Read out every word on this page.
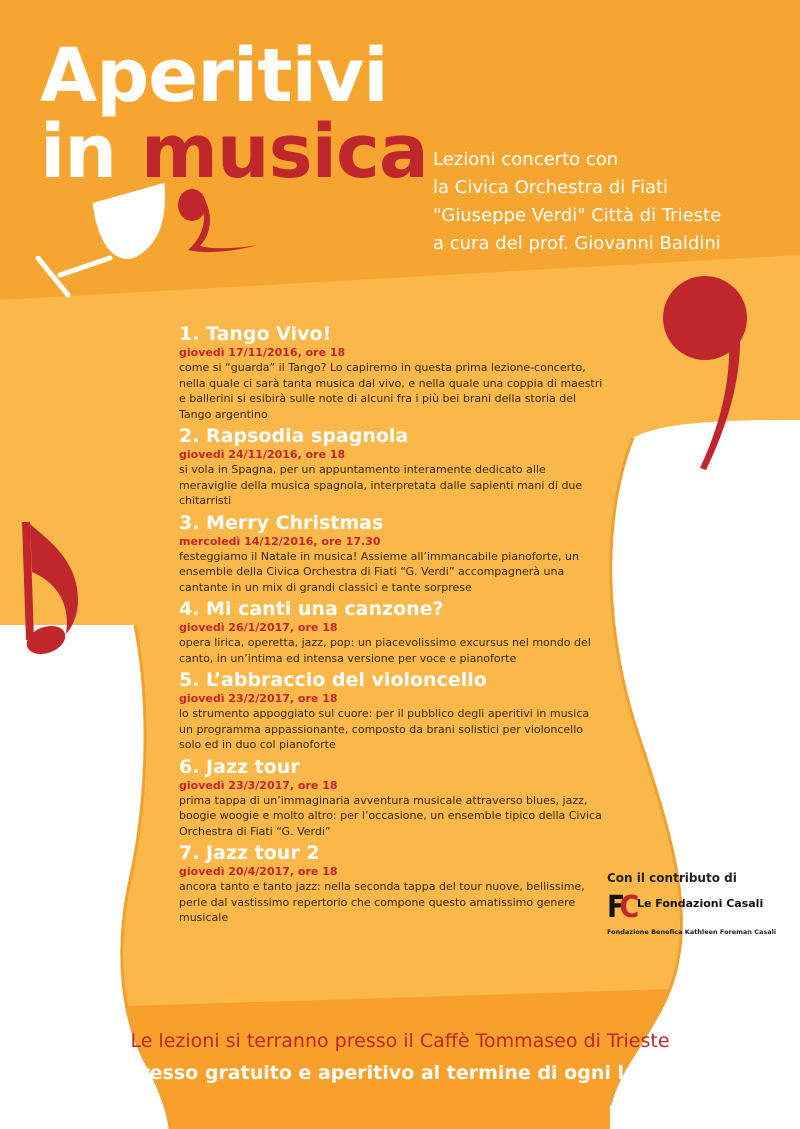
Aperitivi
in musica Lezioni concerto con
la Civica Orchestra di Fiati
"Giuseppe Verdi" Città di Trieste
a cura del prof. Giovanni Baldini
1. Tango Vivo!
giovedì 17/11/2016, ore 18
come si “guarda” il Tango? Lo capiremo in questa prima lezione-concerto, nella quale ci sarà tanta musica dal vivo, e nella quale una coppia di maestri e ballerini si esibirà sulle note di alcuni fra i più bei brani della storia del Tango argentino
2. Rapsodia spagnola
giovedì 24/11/2016, ore 18
si vola in Spagna, per un appuntamento interamente dedicato alle meraviglie della musica spagnola, interpretata dalle sapienti mani di due chitarristi
3. Merry Christmas
mercoledì 14/12/2016, ore 17.30
festeggiamo il Natale in musica! Assieme all’immancabile pianoforte, un ensemble della Civica Orchestra di Fiati “G. Verdi” accompagnerà una cantante in un mix di grandi classici e tante sorprese
4. Mi canti una canzone?
giovedì 26/1/2017, ore 18
opera lirica, operetta, jazz, pop: un piacevolissimo excursus nel mondo del canto, in un’intima ed intensa versione per voce e pianoforte
5. L’abbraccio del violoncello
giovedì 23/2/2017, ore 18
lo strumento appoggiato sul cuore: per il pubblico degli aperitivi in musica un programma appassionante, composto da brani solistici per violoncello solo ed in duo col pianoforte
6. Jazz tour
giovedì 23/3/2017, ore 18
prima tappa di un’immaginaria avventura musicale attraverso blues, jazz, boogie woogie e molto altro: per l’occasione, un ensemble tipico della Civica Orchestra di Fiati “G. Verdi”
7. Jazz tour 2
giovedì 20/4/2017, ore 18
ancora tanto e tanto jazz: nella seconda tappa del tour nuove, bellissime, perle dal vastissimo repertorio che compone questo amatissimo genere musicale
Con il contributo di
FC Le Fondazioni Casali
Fondazione Benefica Kathleen Foreman Casali
Le lezioni si terranno presso il Caffè Tommaseo di Trieste
Ingresso gratuito e aperitivo al termine di ogni lezione
